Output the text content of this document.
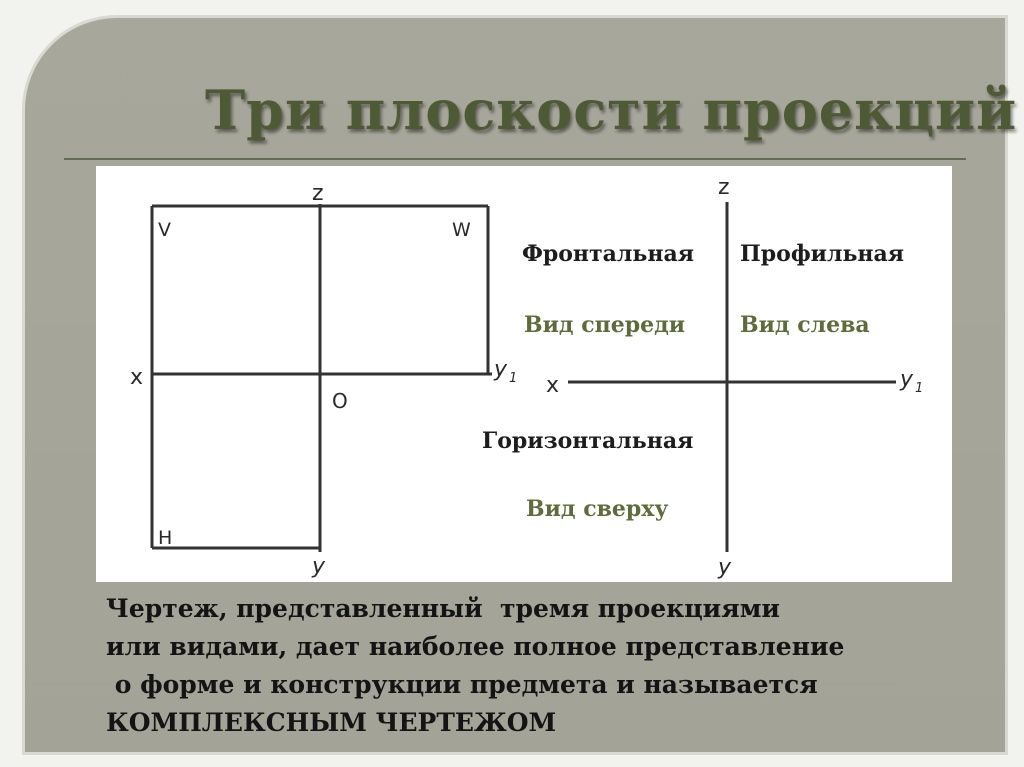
Три плоскости проекций
z
V	W
x	y 1
O
H
y
z
x	y 1
y
Фронтальная
Вид спереди
Профильная
Вид слева
Горизонтальная
Вид сверху
Чертеж, представленный  тремя проекциями
или видами, дает наиболее полное представление
о форме и конструкции предмета и называется
КОМПЛЕКСНЫМ ЧЕРТЕЖОМ
